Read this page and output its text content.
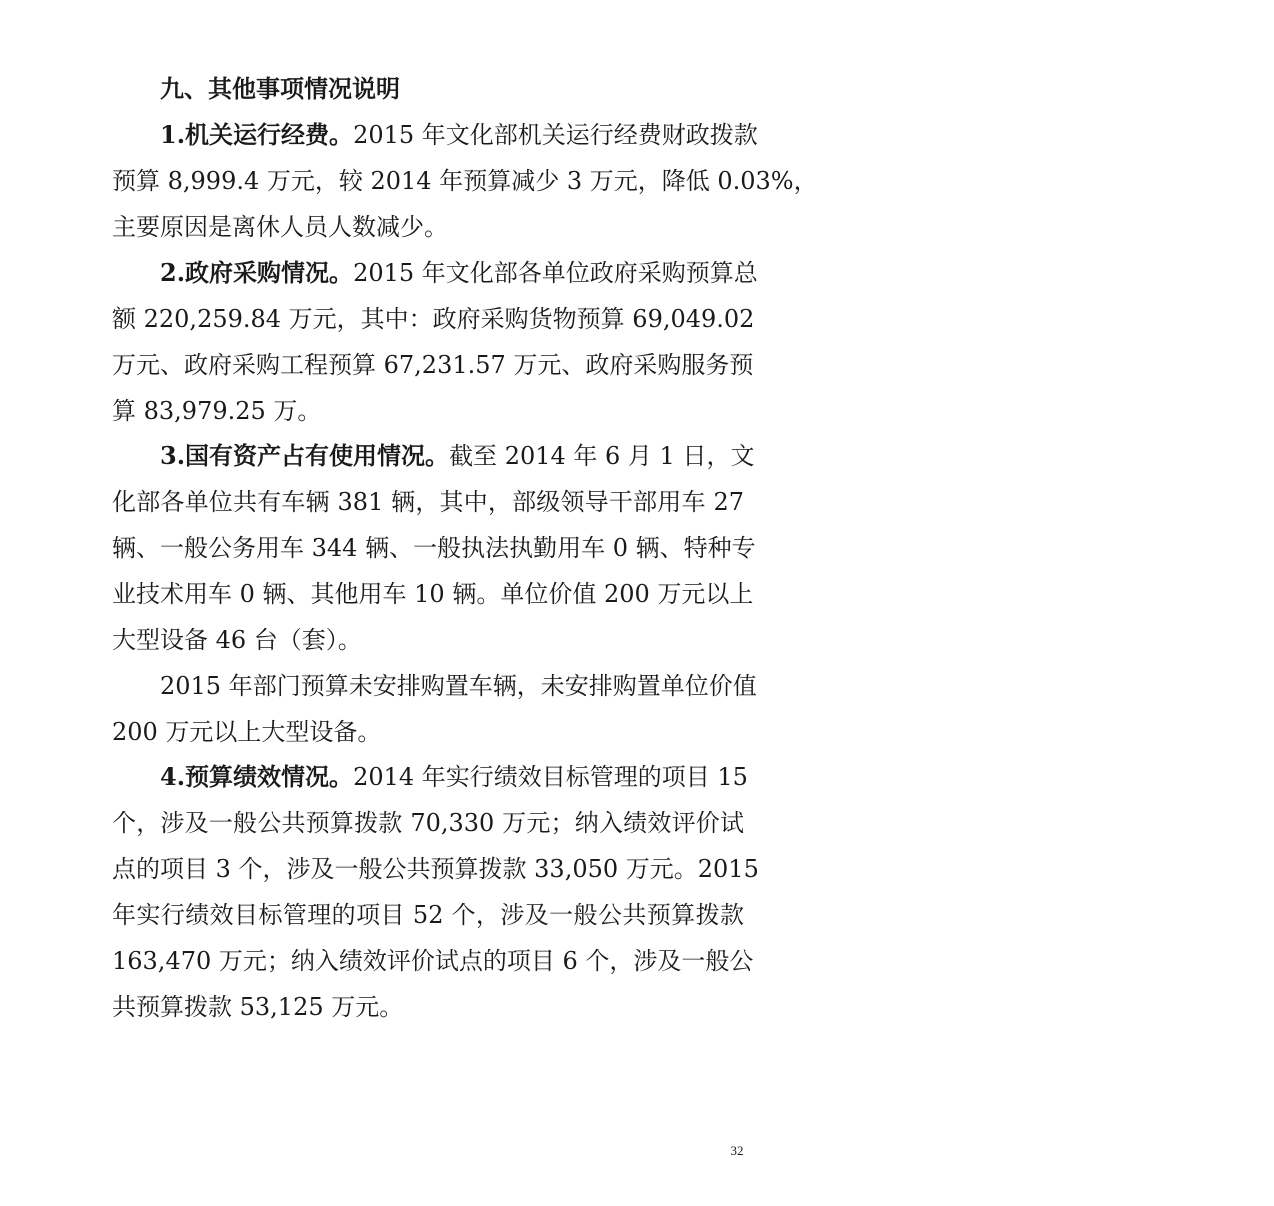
九、其他事项情况说明
1.机关运行经费。2015 年文化部机关运行经费财政拨款
预算 8,999.4 万元，较 2014 年预算减少 3 万元，降低 0.03%，
主要原因是离休人员人数减少。
2.政府采购情况。2015 年文化部各单位政府采购预算总
额 220,259.84 万元，其中：政府采购货物预算 69,049.02
万元、政府采购工程预算 67,231.57 万元、政府采购服务预
算 83,979.25 万。
3.国有资产占有使用情况。截至 2014 年 6 月 1 日，文
化部各单位共有车辆 381 辆，其中，部级领导干部用车 27
辆、一般公务用车 344 辆、一般执法执勤用车 0 辆、特种专
业技术用车 0 辆、其他用车 10 辆。单位价值 200 万元以上
大型设备 46 台（套）。
2015 年部门预算未安排购置车辆，未安排购置单位价值
200 万元以上大型设备。
4.预算绩效情况。2014 年实行绩效目标管理的项目 15
个，涉及一般公共预算拨款 70,330 万元；纳入绩效评价试
点的项目 3 个，涉及一般公共预算拨款 33,050 万元。2015
年实行绩效目标管理的项目 52 个，涉及一般公共预算拨款
163,470 万元；纳入绩效评价试点的项目 6 个，涉及一般公
共预算拨款 53,125 万元。
32
